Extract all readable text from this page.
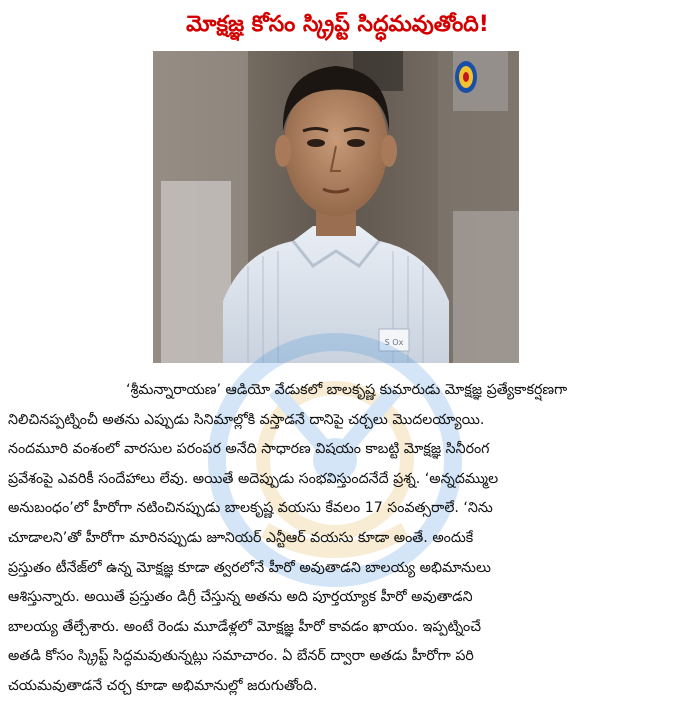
మోక్షజ్ఞ కోసం స్క్రిప్ట్ సిద్ధమవుతోంది!
S Ox
‘శ్రీమన్నారాయణ’ ఆడియో వేడుకలో బాలకృష్ణ కుమారుడు మోక్షజ్ఞ ప్రత్యేకాకర్షణగా
నిలిచినప్పట్నించీ అతను ఎప్పుడు సినిమాల్లోకి వస్తాడనే దానిపై చర్చలు మొదలయ్యాయి.
నందమూరి వంశంలో వారసుల పరంపర అనేది సాధారణ విషయం కాబట్టి మోక్షజ్ఞ సినీరంగ
ప్రవేశంపై ఎవరికీ సందేహాలు లేవు. అయితే అదెప్పుడు సంభవిస్తుందనేదే ప్రశ్న. ‘అన్నదమ్ముల
అనుబంధం’లో హీరోగా నటించినప్పుడు బాలకృష్ణ వయసు కేవలం 17 సంవత్సరాలే. ‘నిను
చూడాలని’తో హీరోగా మారినప్పుడు జూనియర్ ఎన్టీఆర్ వయసు కూడా అంతే. అందుకే
ప్రస్తుతం టీనేజ్‌లో ఉన్న మోక్షజ్ఞ కూడా త్వరలోనే హీరో అవుతాడని బాలయ్య అభిమానులు
ఆశిస్తున్నారు. అయితే ప్రస్తుతం డిగ్రీ చేస్తున్న అతను అది పూర్తయ్యాక హీరో అవుతాడని
బాలయ్య తేల్చేశారు. అంటే రెండు మూడేళ్లలో మోక్షజ్ఞ హీరో కావడం ఖాయం. ఇప్పట్నించే
అతడి కోసం స్క్రిప్ట్ సిద్ధమవుతున్నట్లు సమాచారం. ఏ బేనర్ ద్వారా అతడు హీరోగా పరి
చయమవుతాడనే చర్చ కూడా అభిమానుల్లో జరుగుతోంది.
